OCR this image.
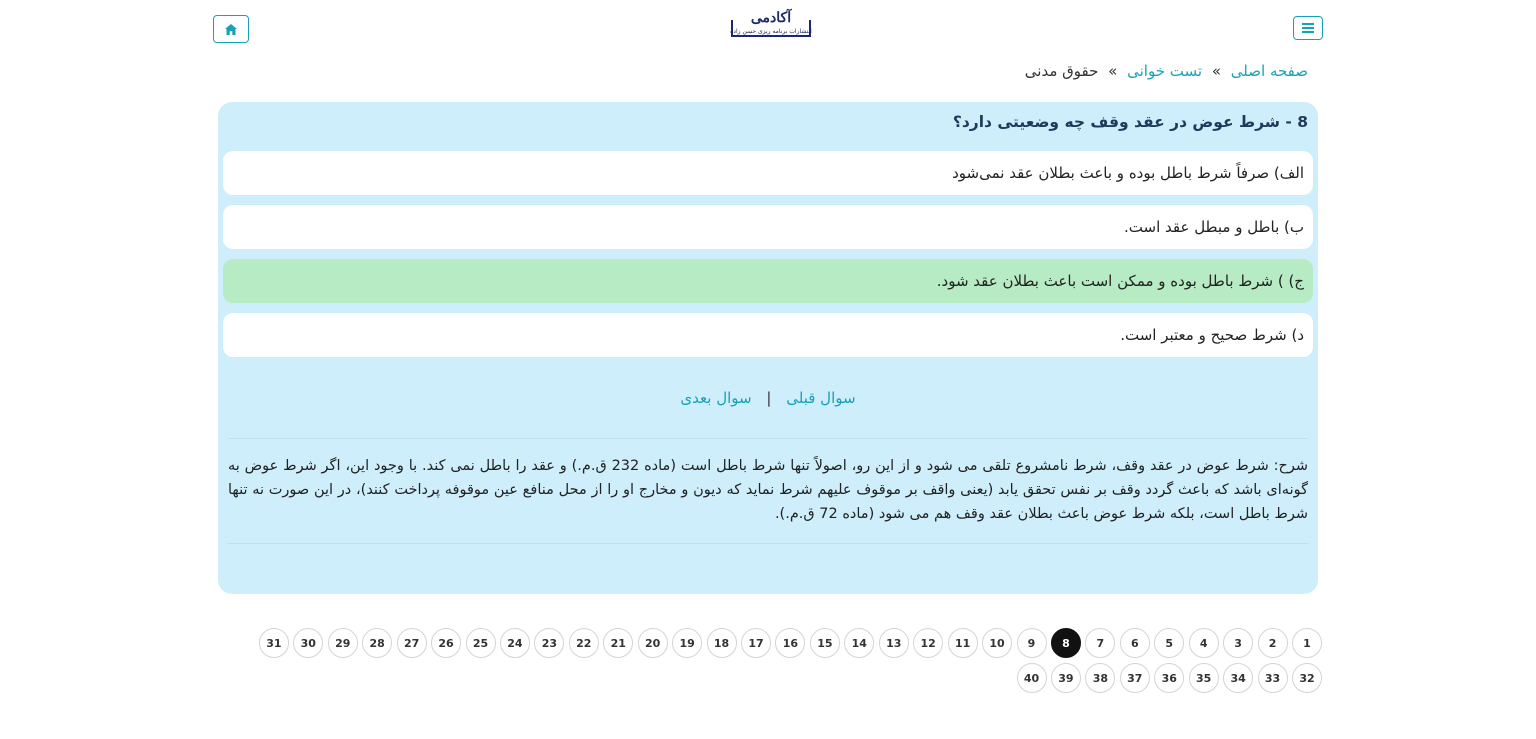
آکادمی
انتشارات برنامه ریزی حسن زاده
صفحه اصلی » تست خوانی » حقوق مدنی
8 - شرط عوض در عقد وقف چه وضعیتی دارد؟
الف) صرفاً شرط باطل بوده و باعث بطلان عقد نمی‌شود
ب) باطل و مبطل عقد است.
ج) ) شرط باطل بوده و ممکن است باعث بطلان عقد شود.
د) شرط صحیح و معتبر است.
سوال قبلی | سوال بعدی
شرح: شرط عوض در عقد وقف، شرط نامشروع تلقی می شود و از این رو، اصولاً تنها شرط باطل است (ماده 232 ق.م.) و عقد را باطل نمی کند. با وجود این، اگر شرط عوض به گونه‌ای باشد که باعث گردد وقف بر نفس تحقق یابد (یعنی واقف بر موقوف علیهم شرط نماید که دیون و مخارج او را از محل منافع عین موقوفه پرداخت کنند)، در این صورت نه تنها شرط باطل است، بلکه شرط عوض باعث بطلان عقد وقف هم می شود (ماده 72 ق.م.).
1
2
3
4
5
6
7
8
9
10
11
12
13
14
15
16
17
18
19
20
21
22
23
24
25
26
27
28
29
30
31
32
33
34
35
36
37
38
39
40
